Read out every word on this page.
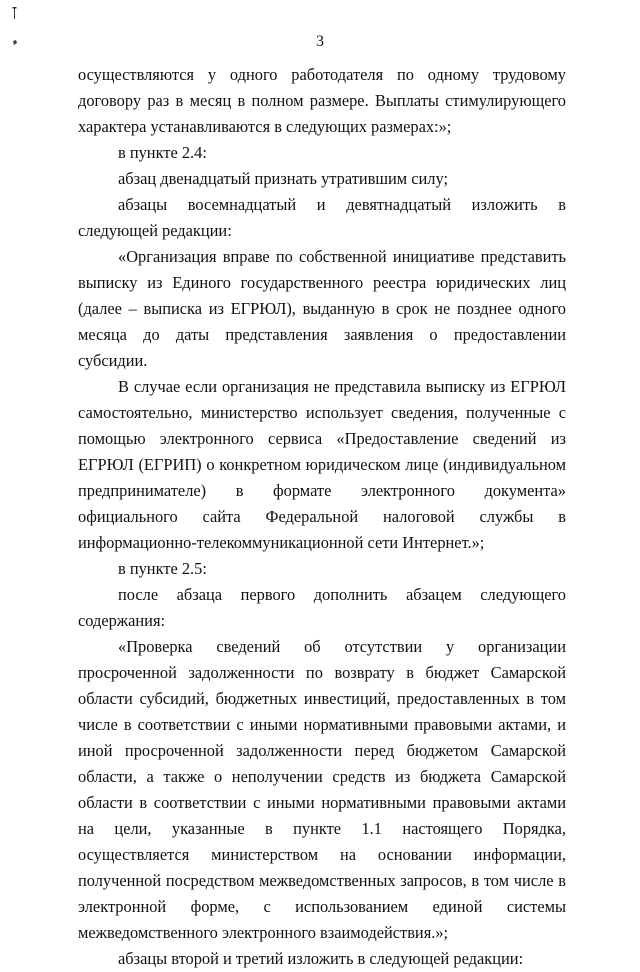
3

осуществляются у одного работодателя по одному трудовому договору раз в месяц в полном размере. Выплаты стимулирующего характера устанавливаются в следующих размерах:»;

в пункте 2.4:

абзац двенадцатый признать утратившим силу;

абзацы восемнадцатый и девятнадцатый изложить в следующей редакции:

«Организация вправе по собственной инициативе представить выписку из Единого государственного реестра юридических лиц (далее – выписка из ЕГРЮЛ), выданную в срок не позднее одного месяца до даты представления заявления о предоставлении субсидии.

В случае если организация не представила выписку из ЕГРЮЛ самостоятельно, министерство использует сведения, полученные с помощью электронного сервиса «Предоставление сведений из ЕГРЮЛ (ЕГРИП) о конкретном юридическом лице (индивидуальном предпринимателе) в формате электронного документа» официального сайта Федеральной налоговой службы в информационно-телекоммуникационной сети Интернет.»;

в пункте 2.5:

после абзаца первого дополнить абзацем следующего содержания:

«Проверка сведений об отсутствии у организации просроченной задолженности по возврату в бюджет Самарской области субсидий, бюджетных инвестиций, предоставленных в том числе в соответствии с иными нормативными правовыми актами, и иной просроченной задолженности перед бюджетом Самарской области, а также о неполучении средств из бюджета Самарской области в соответствии с иными нормативными правовыми актами на цели, указанные в пункте 1.1 настоящего Порядка, осуществляется министерством на основании информации, полученной посредством межведомственных запросов, в том числе в электронной форме, с использованием единой системы межведомственного электронного взаимодействия.»;

абзацы второй и третий изложить в следующей редакции:
